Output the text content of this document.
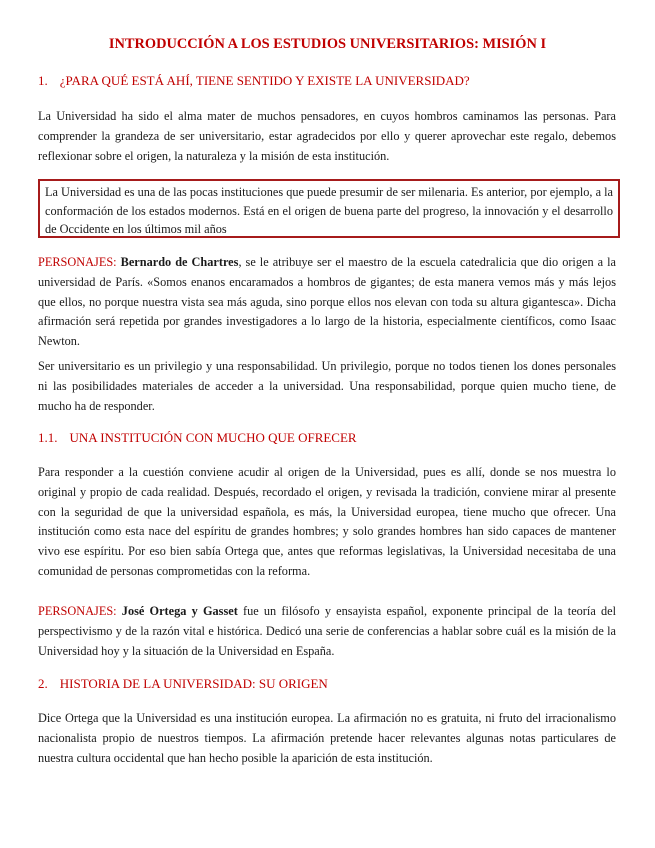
INTRODUCCIÓN A LOS ESTUDIOS UNIVERSITARIOS: MISIÓN I
1. ¿PARA QUÉ ESTÁ AHÍ, TIENE SENTIDO Y EXISTE LA UNIVERSIDAD?

La Universidad ha sido el alma mater de muchos pensadores, en cuyos hombros caminamos las personas. Para comprender la grandeza de ser universitario, estar agradecidos por ello y querer aprovechar este regalo, debemos reflexionar sobre el origen, la naturaleza y la misión de esta institución.

La Universidad es una de las pocas instituciones que puede presumir de ser milenaria. Es anterior, por ejemplo, a la conformación de los estados modernos. Está en el origen de buena parte del progreso, la innovación y el desarrollo de Occidente en los últimos mil años

PERSONAJES: Bernardo de Chartres, se le atribuye ser el maestro de la escuela catedralicia que dio origen a la universidad de París. «Somos enanos encaramados a hombros de gigantes; de esta manera vemos más y más lejos que ellos, no porque nuestra vista sea más aguda, sino porque ellos nos elevan con toda su altura gigantesca». Dicha afirmación será repetida por grandes investigadores a lo largo de la historia, especialmente científicos, como Isaac Newton.

Ser universitario es un privilegio y una responsabilidad. Un privilegio, porque no todos tienen los dones personales ni las posibilidades materiales de acceder a la universidad. Una responsabilidad, porque quien mucho tiene, de mucho ha de responder.

1.1. UNA INSTITUCIÓN CON MUCHO QUE OFRECER

Para responder a la cuestión conviene acudir al origen de la Universidad, pues es allí, donde se nos muestra lo original y propio de cada realidad. Después, recordado el origen, y revisada la tradición, conviene mirar al presente con la seguridad de que la universidad española, es más, la Universidad europea, tiene mucho que ofrecer. Una institución como esta nace del espíritu de grandes hombres; y solo grandes hombres han sido capaces de mantener vivo ese espíritu. Por eso bien sabía Ortega que, antes que reformas legislativas, la Universidad necesitaba de una comunidad de personas comprometidas con la reforma.

PERSONAJES: José Ortega y Gasset fue un filósofo y ensayista español, exponente principal de la teoría del perspectivismo y de la razón vital e histórica. Dedicó una serie de conferencias a hablar sobre cuál es la misión de la Universidad hoy y la situación de la Universidad en España.

2. HISTORIA DE LA UNIVERSIDAD: SU ORIGEN

Dice Ortega que la Universidad es una institución europea. La afirmación no es gratuita, ni fruto del irracionalismo nacionalista propio de nuestros tiempos. La afirmación pretende hacer relevantes algunas notas particulares de nuestra cultura occidental que han hecho posible la aparición de esta institución.
